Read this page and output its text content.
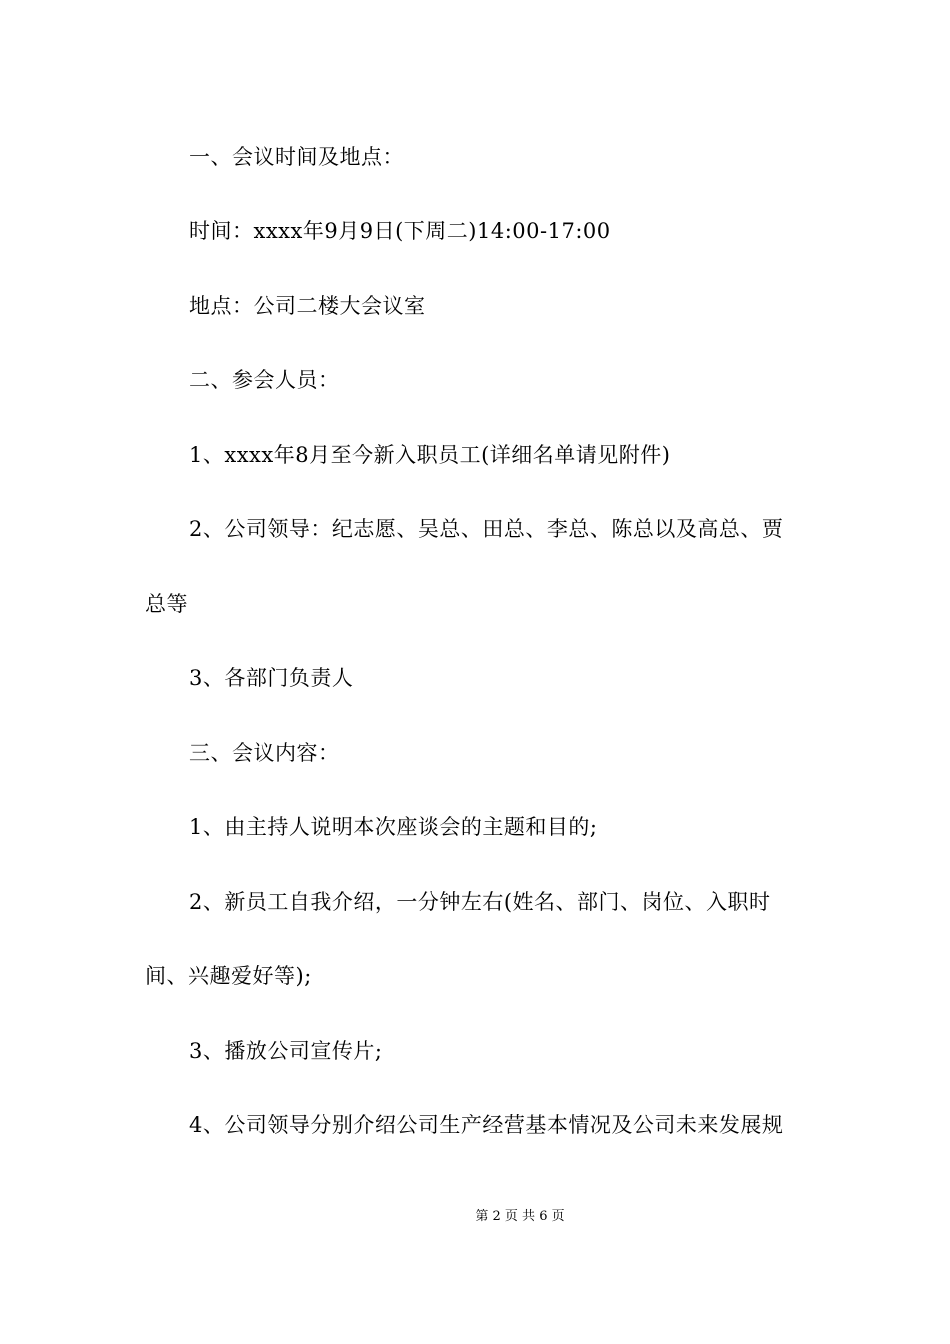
一、会议时间及地点：
时间：xxxx年9月9日(下周二)14:00-17:00
地点：公司二楼大会议室
二、参会人员：
1、xxxx年8月至今新入职员工(详细名单请见附件)
2、公司领导：纪志愿、吴总、田总、李总、陈总以及高总、贾
总等
3、各部门负责人
三、会议内容：
1、由主持人说明本次座谈会的主题和目的;
2、新员工自我介绍，一分钟左右(姓名、部门、岗位、入职时
间、兴趣爱好等);
3、播放公司宣传片;
4、公司领导分别介绍公司生产经营基本情况及公司未来发展规
第 2 页 共 6 页
